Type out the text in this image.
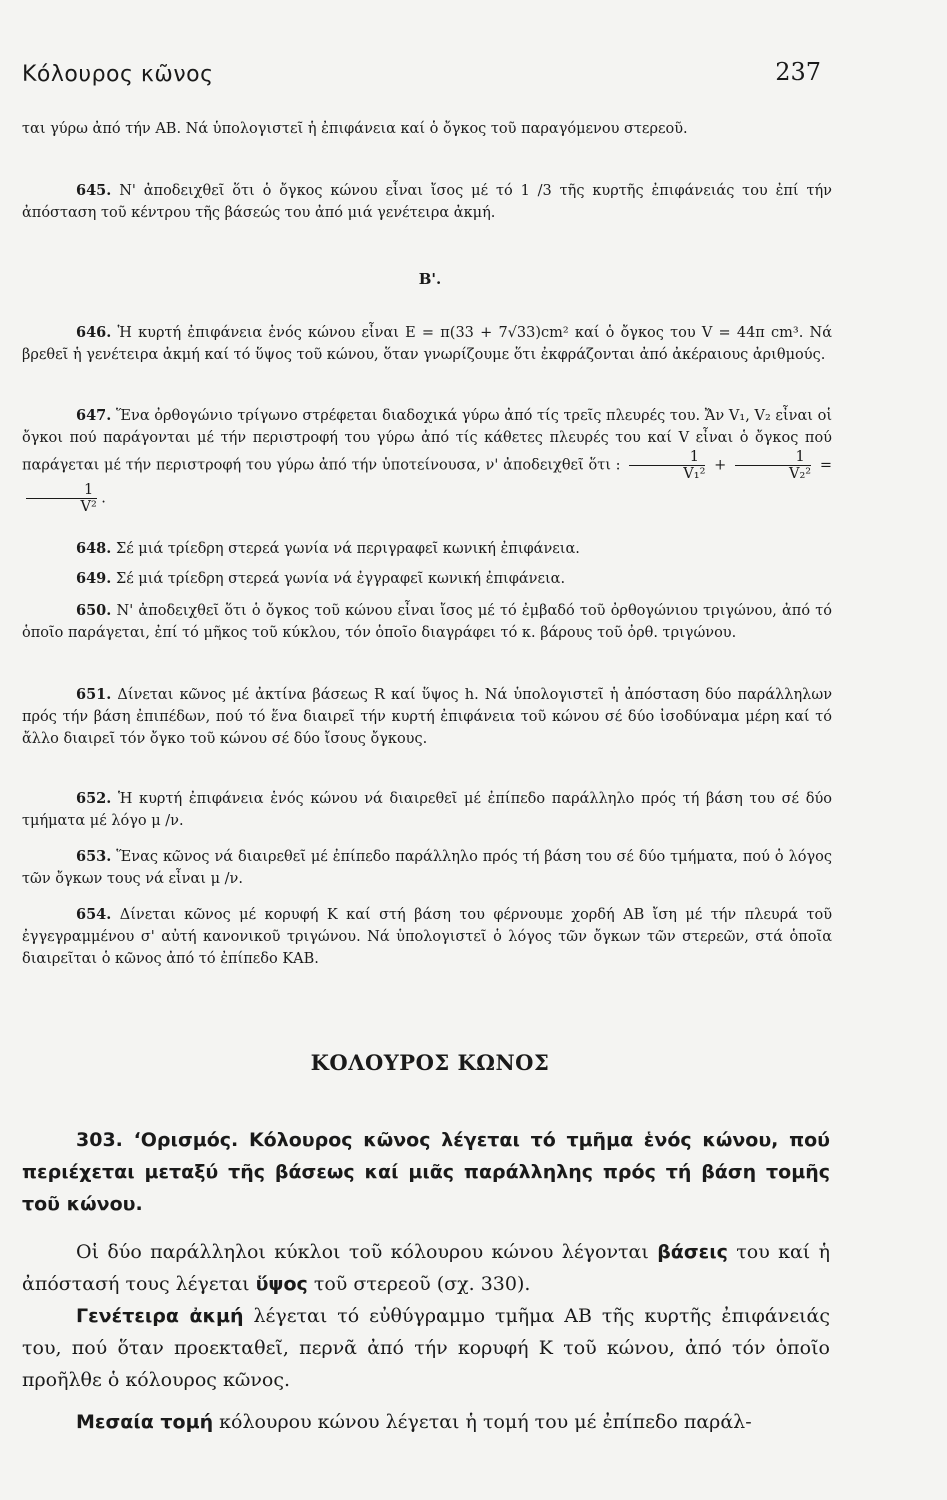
Κόλουρος κῶνος	237

ται γύρω ἀπό τήν ΑΒ. Νά ὑπολογιστεῖ ἡ ἐπιφάνεια καί ὁ ὄγκος τοῦ παραγόμενου στερεοῦ.

645. Ν' ἀποδειχθεῖ ὅτι ὁ ὄγκος κώνου εἶναι ἴσος μέ τό 1 /3 τῆς κυρτῆς ἐπιφάνειάς του ἐπί τήν ἀπόσταση τοῦ κέντρου τῆς βάσεώς του ἀπό μιά γενέτειρα ἀκμή.

Β'.

646. Ἡ κυρτή ἐπιφάνεια ἑνός κώνου εἶναι Ε = π(33 + 7√33)cm² καί ὁ ὄγκος του V = 44π cm³. Νά βρεθεῖ ἡ γενέτειρα ἀκμή καί τό ὕψος τοῦ κώνου, ὅταν γνωρίζουμε ὅτι ἐκφράζονται ἀπό ἀκέραιους ἀριθμούς.

647. Ἕνα ὀρθογώνιο τρίγωνο στρέφεται διαδοχικά γύρω ἀπό τίς τρεῖς πλευρές του. Ἄν V₁, V₂ εἶναι οἱ ὄγκοι πού παράγονται μέ τήν περιστροφή του γύρω ἀπό τίς κάθετες πλευρές του καί V εἶναι ὁ ὄγκος πού παράγεται μέ τήν περιστροφή του γύρω ἀπό τήν ὑποτείνουσα, ν' ἀποδειχθεῖ ὅτι : $\frac{1}{\text{V₁²}} + \frac{1}{\text{V₂²}}$ =
$\frac{1}{\text{V²}}$ .

648. Σέ μιά τρίεδρη στερεά γωνία νά περιγραφεῖ κωνική ἐπιφάνεια.

649. Σέ μιά τρίεδρη στερεά γωνία νά ἐγγραφεῖ κωνική ἐπιφάνεια.

650. Ν' ἀποδειχθεῖ ὅτι ὁ ὄγκος τοῦ κώνου εἶναι ἴσος μέ τό ἐμβαδό τοῦ ὀρθογώνιου τριγώνου, ἀπό τό ὁποῖο παράγεται, ἐπί τό μῆκος τοῦ κύκλου, τόν ὁποῖο διαγράφει τό κ. βάρους τοῦ ὀρθ. τριγώνου.

651. Δίνεται κῶνος μέ ἀκτίνα βάσεως R καί ὕψος h. Νά ὑπολογιστεῖ ἡ ἀπόσταση δύο παράλληλων πρός τήν βάση ἐπιπέδων, πού τό ἕνα διαιρεῖ τήν κυρτή ἐπιφάνεια τοῦ κώνου σέ δύο ἰσοδύναμα μέρη καί τό ἄλλο διαιρεῖ τόν ὄγκο τοῦ κώνου σέ δύο ἴσους ὄγκους.

652. Ἡ κυρτή ἐπιφάνεια ἑνός κώνου νά διαιρεθεῖ μέ ἐπίπεδο παράλληλο πρός τή βάση του σέ δύο τμήματα μέ λόγο μ /ν.

653. Ἕνας κῶνος νά διαιρεθεῖ μέ ἐπίπεδο παράλληλο πρός τή βάση του σέ δύο τμήματα, πού ὁ λόγος τῶν ὄγκων τους νά εἶναι μ /ν.

654. Δίνεται κῶνος μέ κορυφή Κ καί στή βάση του φέρνουμε χορδή ΑΒ ἴση μέ τήν πλευρά τοῦ ἐγγεγραμμένου σ' αὐτή κανονικοῦ τριγώνου. Νά ὑπολογιστεῖ ὁ λόγος τῶν ὄγκων τῶν στερεῶν, στά ὁποῖα διαιρεῖται ὁ κῶνος ἀπό τό ἐπίπεδο ΚΑΒ.

ΚΟΛΟΥΡΟΣ ΚΩΝΟΣ

303. ʻΟρισμός. Κόλουρος κῶνος λέγεται τό τμῆμα ἑνός κώνου, πού περιέχεται μεταξύ τῆς βάσεως καί μιᾶς παράλληλης πρός τή βάση τομῆς τοῦ κώνου.

Οἱ δύο παράλληλοι κύκλοι τοῦ κόλουρου κώνου λέγονται βάσεις του καί ἡ ἀπόστασή τους λέγεται ὕψος τοῦ στερεοῦ (σχ. 330).

Γενέτειρα ἀκμή λέγεται τό εὐθύγραμμο τμῆμα ΑΒ τῆς κυρτῆς ἐπιφάνειάς του, πού ὅταν προεκταθεῖ, περνᾶ ἀπό τήν κορυφή Κ τοῦ κώνου, ἀπό τόν ὁποῖο προῆλθε ὁ κόλουρος κῶνος.

Μεσαία τομή κόλουρου κώνου λέγεται ἡ τομή του μέ ἐπίπεδο παράλ-
